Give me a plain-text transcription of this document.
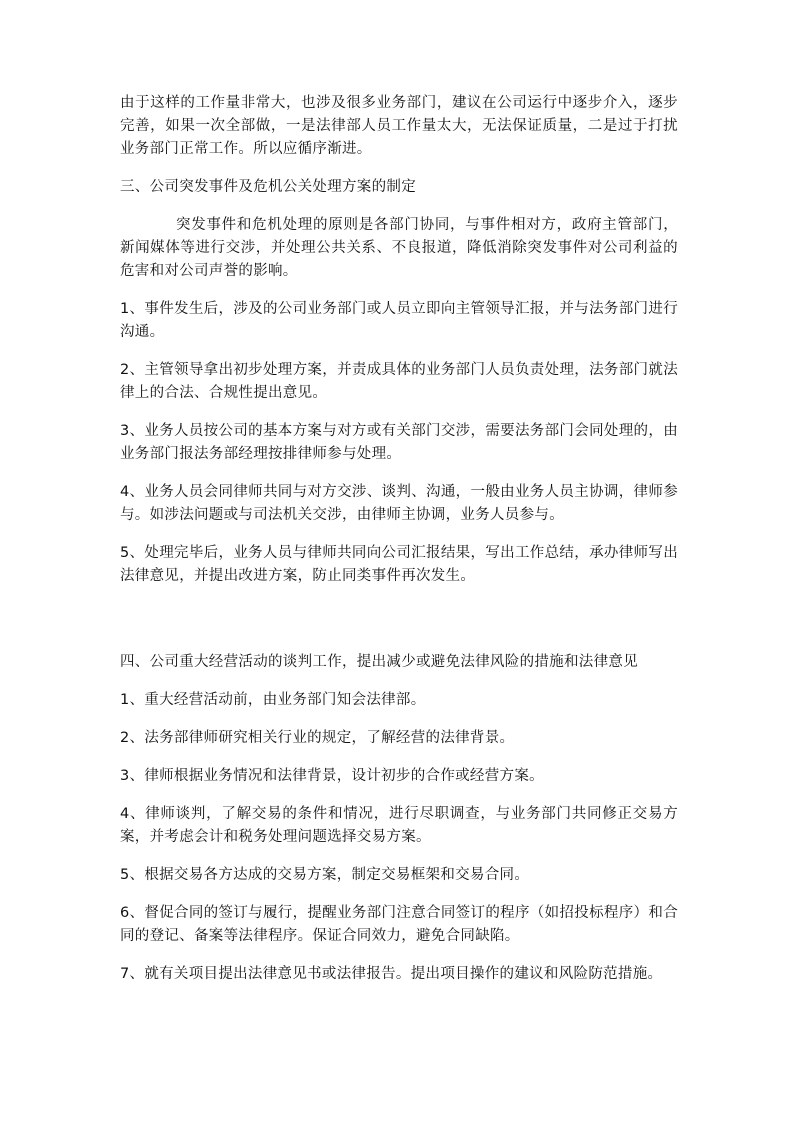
由于这样的工作量非常大，也涉及很多业务部门，建议在公司运行中逐步介入，逐步完善，如果一次全部做，一是法律部人员工作量太大，无法保证质量，二是过于打扰业务部门正常工作。所以应循序渐进。

三、公司突发事件及危机公关处理方案的制定

突发事件和危机处理的原则是各部门协同，与事件相对方，政府主管部门，新闻媒体等进行交涉，并处理公共关系、不良报道，降低消除突发事件对公司利益的危害和对公司声誉的影响。

1、事件发生后，涉及的公司业务部门或人员立即向主管领导汇报，并与法务部门进行沟通。

2、主管领导拿出初步处理方案，并责成具体的业务部门人员负责处理，法务部门就法律上的合法、合规性提出意见。

3、业务人员按公司的基本方案与对方或有关部门交涉，需要法务部门会同处理的，由业务部门报法务部经理按排律师参与处理。

4、业务人员会同律师共同与对方交涉、谈判、沟通，一般由业务人员主协调，律师参与。如涉法问题或与司法机关交涉，由律师主协调，业务人员参与。

5、处理完毕后，业务人员与律师共同向公司汇报结果，写出工作总结，承办律师写出法律意见，并提出改进方案，防止同类事件再次发生。

四、公司重大经营活动的谈判工作，提出减少或避免法律风险的措施和法律意见

1、重大经营活动前，由业务部门知会法律部。

2、法务部律师研究相关行业的规定，了解经营的法律背景。

3、律师根据业务情况和法律背景，设计初步的合作或经营方案。

4、律师谈判，了解交易的条件和情况，进行尽职调查，与业务部门共同修正交易方案，并考虑会计和税务处理问题选择交易方案。

5、根据交易各方达成的交易方案，制定交易框架和交易合同。

6、督促合同的签订与履行，提醒业务部门注意合同签订的程序（如招投标程序）和合同的登记、备案等法律程序。保证合同效力，避免合同缺陷。

7、就有关项目提出法律意见书或法律报告。提出项目操作的建议和风险防范措施。
